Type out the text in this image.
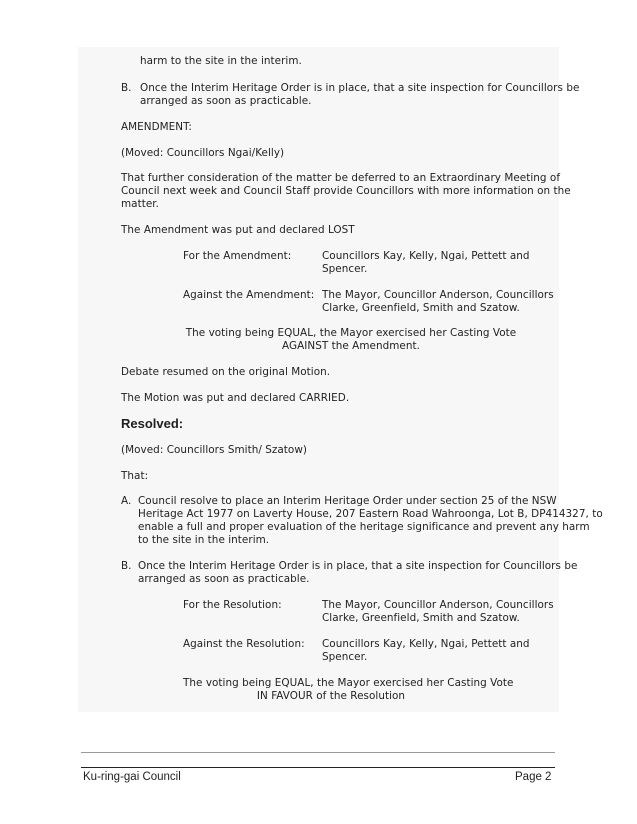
harm to the site in the interim.

B. Once the Interim Heritage Order is in place, that a site inspection for Councillors be

arranged as soon as practicable.

AMENDMENT:

(Moved: Councillors Ngai/Kelly)

That further consideration of the matter be deferred to an Extraordinary Meeting of

Council next week and Council Staff provide Councillors with more information on the

matter.

The Amendment was put and declared LOST

For the Amendment:	Councillors Kay, Kelly, Ngai, Pettett and

Spencer.

Against the Amendment: The Mayor, Councillor Anderson, Councillors

Clarke, Greenfield, Smith and Szatow.

The voting being EQUAL, the Mayor exercised her Casting Vote

AGAINST the Amendment.

Debate resumed on the original Motion.

The Motion was put and declared CARRIED.

Resolved:

(Moved: Councillors Smith/ Szatow)

That:

A. Council resolve to place an Interim Heritage Order under section 25 of the NSW

Heritage Act 1977 on Laverty House, 207 Eastern Road Wahroonga, Lot B, DP414327, to

enable a full and proper evaluation of the heritage significance and prevent any harm

to the site in the interim.

B. Once the Interim Heritage Order is in place, that a site inspection for Councillors be

arranged as soon as practicable.

For the Resolution:	The Mayor, Councillor Anderson, Councillors

Clarke, Greenfield, Smith and Szatow.

Against the Resolution: Councillors Kay, Kelly, Ngai, Pettett and

Spencer.

The voting being EQUAL, the Mayor exercised her Casting Vote

IN FAVOUR of the Resolution

Ku-ring-gai Council	Page 2
